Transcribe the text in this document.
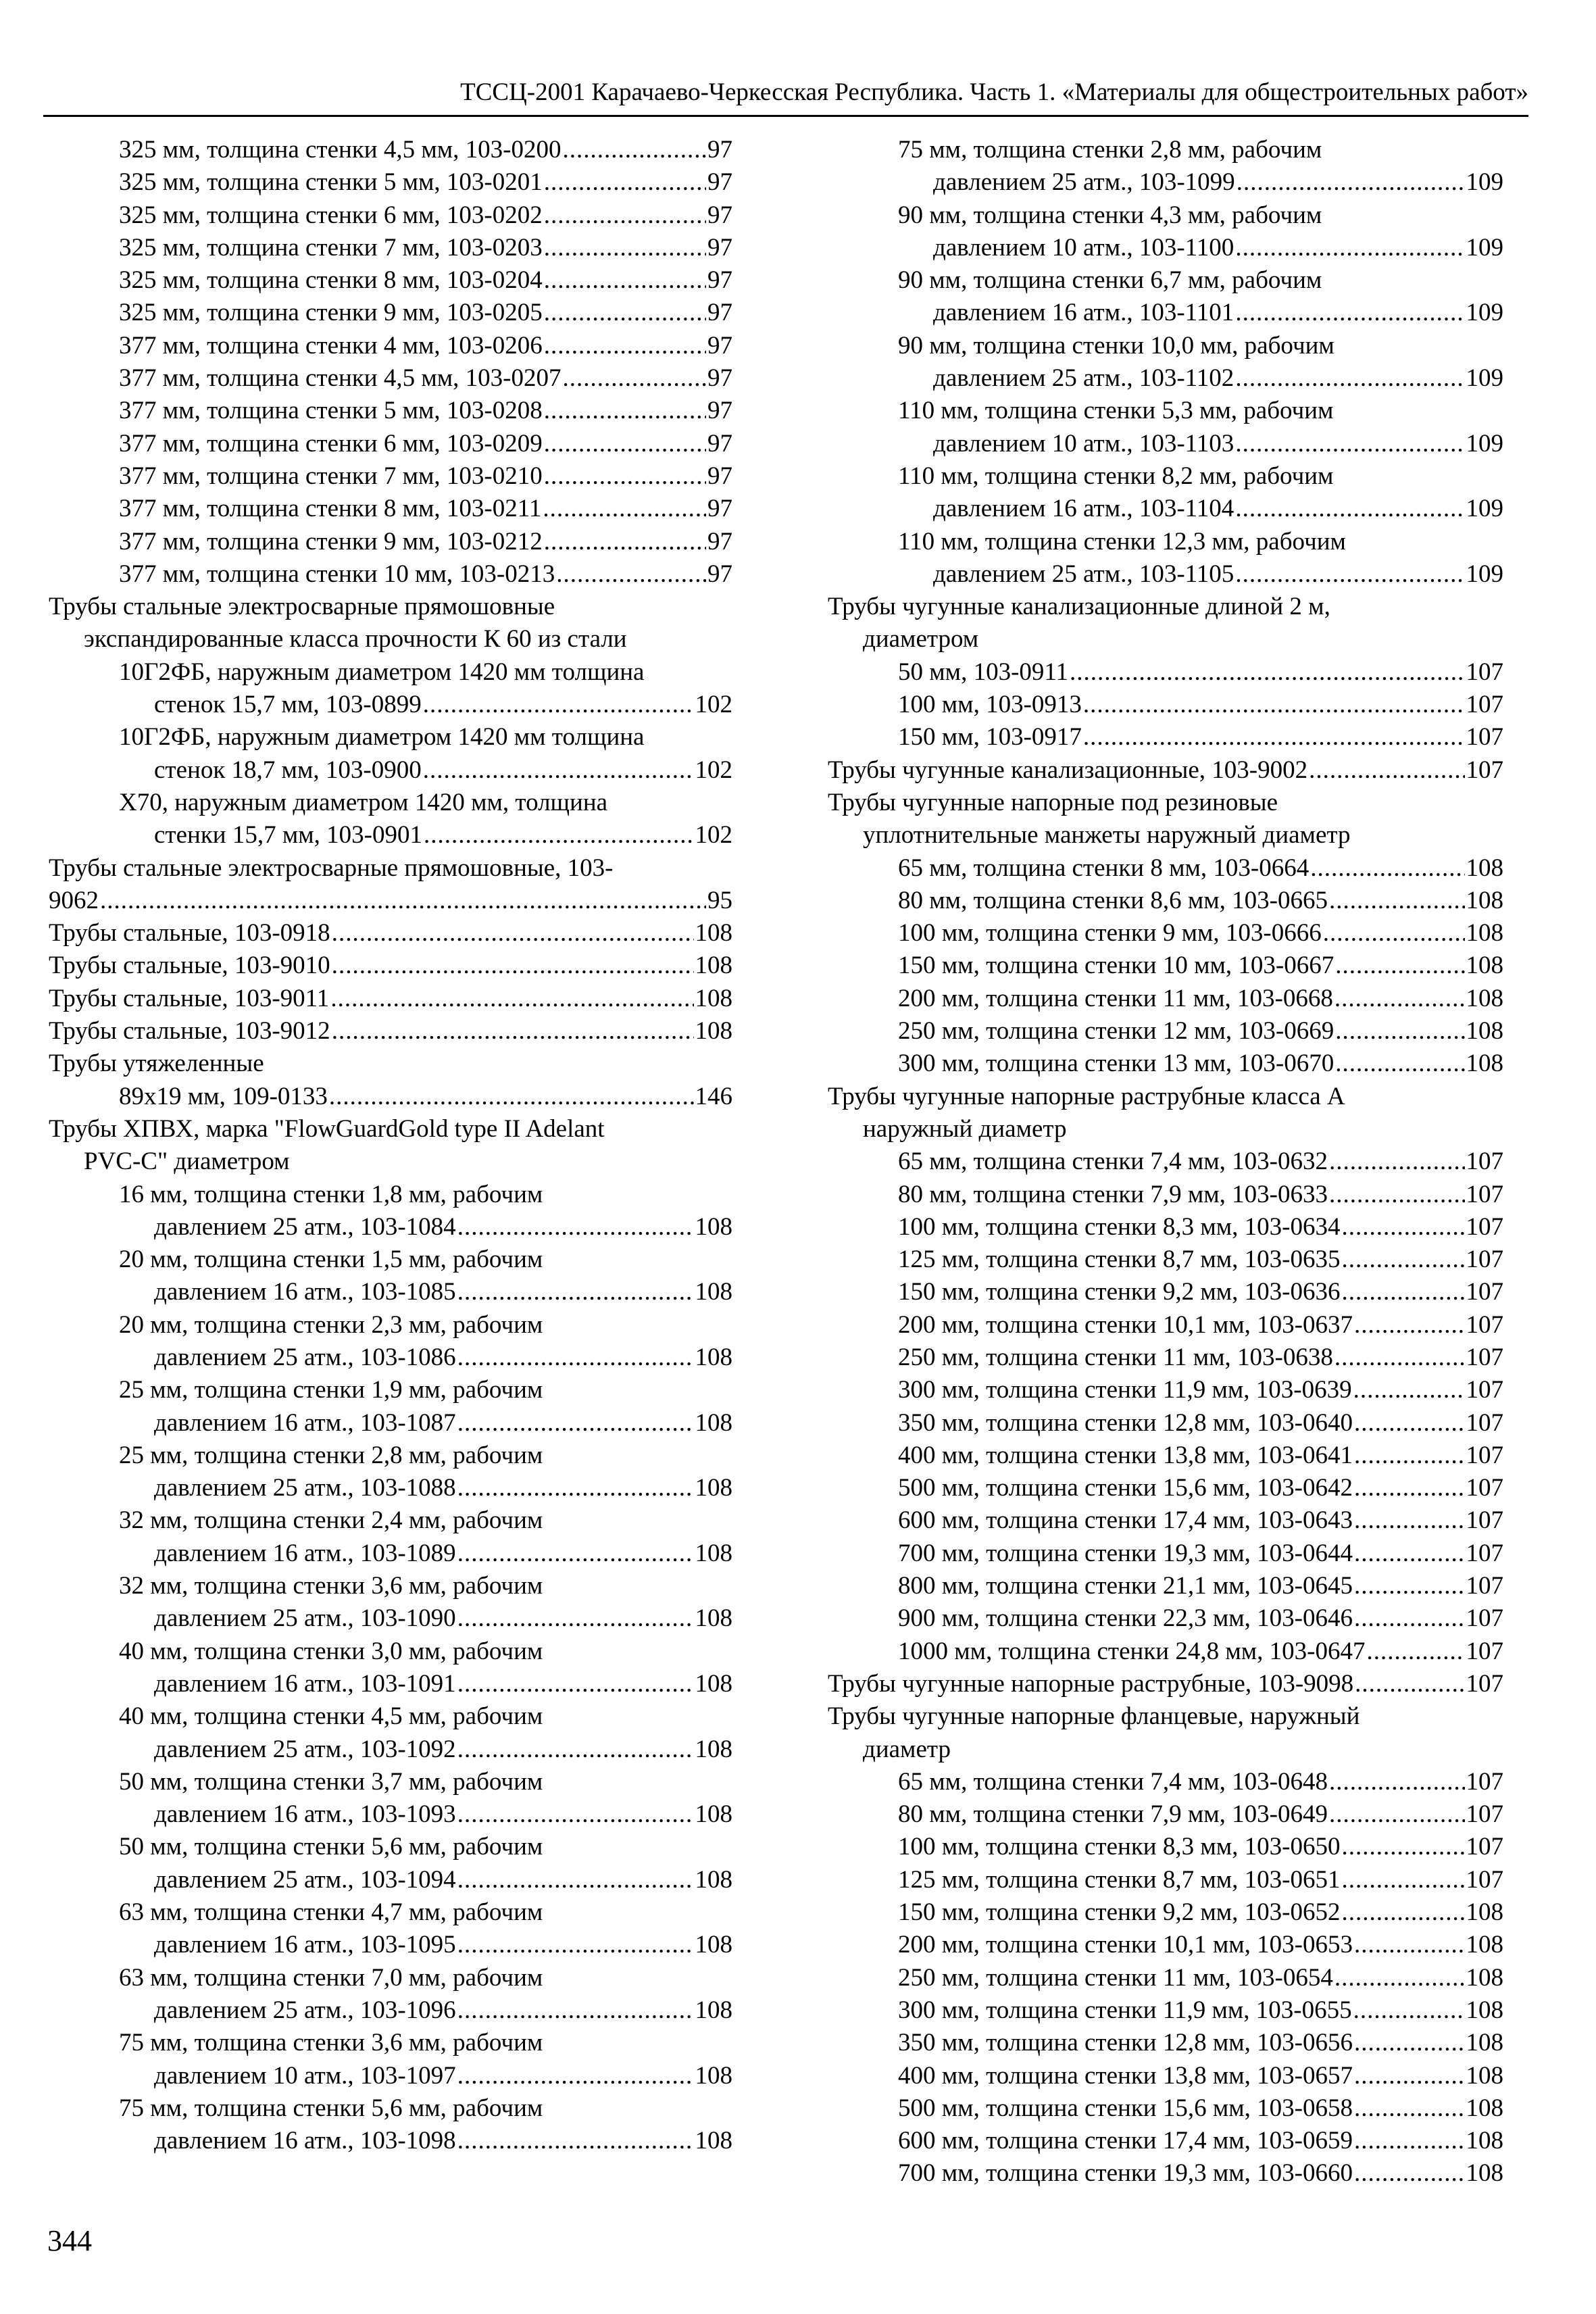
ТССЦ-2001 Карачаево-Черкесская Республика. Часть 1. «Материалы для общестроительных работ»
325 мм, толщина стенки 4,5 мм, 103-0200 .....	97
325 мм, толщина стенки 5 мм, 103-0201 .....	97
325 мм, толщина стенки 6 мм, 103-0202 .....	97
325 мм, толщина стенки 7 мм, 103-0203 .....	97
325 мм, толщина стенки 8 мм, 103-0204 .....	97
325 мм, толщина стенки 9 мм, 103-0205 .....	97
377 мм, толщина стенки 4 мм, 103-0206 .....	97
377 мм, толщина стенки 4,5 мм, 103-0207 .....	97
377 мм, толщина стенки 5 мм, 103-0208 .....	97
377 мм, толщина стенки 6 мм, 103-0209 .....	97
377 мм, толщина стенки 7 мм, 103-0210 .....	97
377 мм, толщина стенки 8 мм, 103-0211 .....	97
377 мм, толщина стенки 9 мм, 103-0212 .....	97
377 мм, толщина стенки 10 мм, 103-0213 .....	97
Трубы стальные электросварные прямошовные
экспандированные класса прочности К 60 из стали
10Г2ФБ, наружным диаметром 1420 мм толщина
стенок 15,7 мм, 103-0899 .....	102
10Г2ФБ, наружным диаметром 1420 мм толщина
стенок 18,7 мм, 103-0900 .....	102
X70, наружным диаметром 1420 мм, толщина
стенки 15,7 мм, 103-0901 .....	102
Трубы стальные электросварные прямошовные, 103-
9062 .....	95
Трубы стальные, 103-0918 .....	108
Трубы стальные, 103-9010 .....	108
Трубы стальные, 103-9011 .....	108
Трубы стальные, 103-9012 .....	108
Трубы утяжеленные
89х19 мм, 109-0133 .....	146
Трубы ХПВХ, марка "FlowGuardGold type II Adelant
PVC-C" диаметром
16 мм, толщина стенки 1,8 мм, рабочим
давлением 25 атм., 103-1084 .....	108
20 мм, толщина стенки 1,5 мм, рабочим
давлением 16 атм., 103-1085 .....	108
20 мм, толщина стенки 2,3 мм, рабочим
давлением 25 атм., 103-1086 .....	108
25 мм, толщина стенки 1,9 мм, рабочим
давлением 16 атм., 103-1087 .....	108
25 мм, толщина стенки 2,8 мм, рабочим
давлением 25 атм., 103-1088 .....	108
32 мм, толщина стенки 2,4 мм, рабочим
давлением 16 атм., 103-1089 .....	108
32 мм, толщина стенки 3,6 мм, рабочим
давлением 25 атм., 103-1090 .....	108
40 мм, толщина стенки 3,0 мм, рабочим
давлением 16 атм., 103-1091 .....	108
40 мм, толщина стенки 4,5 мм, рабочим
давлением 25 атм., 103-1092 .....	108
50 мм, толщина стенки 3,7 мм, рабочим
давлением 16 атм., 103-1093 .....	108
50 мм, толщина стенки 5,6 мм, рабочим
давлением 25 атм., 103-1094 .....	108
63 мм, толщина стенки 4,7 мм, рабочим
давлением 16 атм., 103-1095 .....	108
63 мм, толщина стенки 7,0 мм, рабочим
давлением 25 атм., 103-1096 .....	108
75 мм, толщина стенки 3,6 мм, рабочим
давлением 10 атм., 103-1097 .....	108
75 мм, толщина стенки 5,6 мм, рабочим
давлением 16 атм., 103-1098 .....	108
75 мм, толщина стенки 2,8 мм, рабочим
давлением 25 атм., 103-1099 .....	109
90 мм, толщина стенки 4,3 мм, рабочим
давлением 10 атм., 103-1100 .....	109
90 мм, толщина стенки 6,7 мм, рабочим
давлением 16 атм., 103-1101 .....	109
90 мм, толщина стенки 10,0 мм, рабочим
давлением 25 атм., 103-1102 .....	109
110 мм, толщина стенки 5,3 мм, рабочим
давлением 10 атм., 103-1103 .....	109
110 мм, толщина стенки 8,2 мм, рабочим
давлением 16 атм., 103-1104 .....	109
110 мм, толщина стенки 12,3 мм, рабочим
давлением 25 атм., 103-1105 .....	109
Трубы чугунные канализационные длиной 2 м,
диаметром
50 мм, 103-0911 .....	107
100 мм, 103-0913 .....	107
150 мм, 103-0917 .....	107
Трубы чугунные канализационные, 103-9002 .....	107
Трубы чугунные напорные под резиновые
уплотнительные манжеты наружный диаметр
65 мм, толщина стенки 8 мм, 103-0664 .....	108
80 мм, толщина стенки 8,6 мм, 103-0665 .....	108
100 мм, толщина стенки 9 мм, 103-0666 .....	108
150 мм, толщина стенки 10 мм, 103-0667 .....	108
200 мм, толщина стенки 11 мм, 103-0668 .....	108
250 мм, толщина стенки 12 мм, 103-0669 .....	108
300 мм, толщина стенки 13 мм, 103-0670 .....	108
Трубы чугунные напорные раструбные класса А
наружный диаметр
65 мм, толщина стенки 7,4 мм, 103-0632 .....	107
80 мм, толщина стенки 7,9 мм, 103-0633 .....	107
100 мм, толщина стенки 8,3 мм, 103-0634 .....	107
125 мм, толщина стенки 8,7 мм, 103-0635 .....	107
150 мм, толщина стенки 9,2 мм, 103-0636 .....	107
200 мм, толщина стенки 10,1 мм, 103-0637 .....	107
250 мм, толщина стенки 11 мм, 103-0638 .....	107
300 мм, толщина стенки 11,9 мм, 103-0639 .....	107
350 мм, толщина стенки 12,8 мм, 103-0640 .....	107
400 мм, толщина стенки 13,8 мм, 103-0641 .....	107
500 мм, толщина стенки 15,6 мм, 103-0642 .....	107
600 мм, толщина стенки 17,4 мм, 103-0643 .....	107
700 мм, толщина стенки 19,3 мм, 103-0644 .....	107
800 мм, толщина стенки 21,1 мм, 103-0645 .....	107
900 мм, толщина стенки 22,3 мм, 103-0646 .....	107
1000 мм, толщина стенки 24,8 мм, 103-0647 .....	107
Трубы чугунные напорные раструбные, 103-9098 .....	107
Трубы чугунные напорные фланцевые, наружный
диаметр
65 мм, толщина стенки 7,4 мм, 103-0648 .....	107
80 мм, толщина стенки 7,9 мм, 103-0649 .....	107
100 мм, толщина стенки 8,3 мм, 103-0650 .....	107
125 мм, толщина стенки 8,7 мм, 103-0651 .....	107
150 мм, толщина стенки 9,2 мм, 103-0652 .....	108
200 мм, толщина стенки 10,1 мм, 103-0653 .....	108
250 мм, толщина стенки 11 мм, 103-0654 .....	108
300 мм, толщина стенки 11,9 мм, 103-0655 .....	108
350 мм, толщина стенки 12,8 мм, 103-0656 .....	108
400 мм, толщина стенки 13,8 мм, 103-0657 .....	108
500 мм, толщина стенки 15,6 мм, 103-0658 .....	108
600 мм, толщина стенки 17,4 мм, 103-0659 .....	108
700 мм, толщина стенки 19,3 мм, 103-0660 .....	108
344
